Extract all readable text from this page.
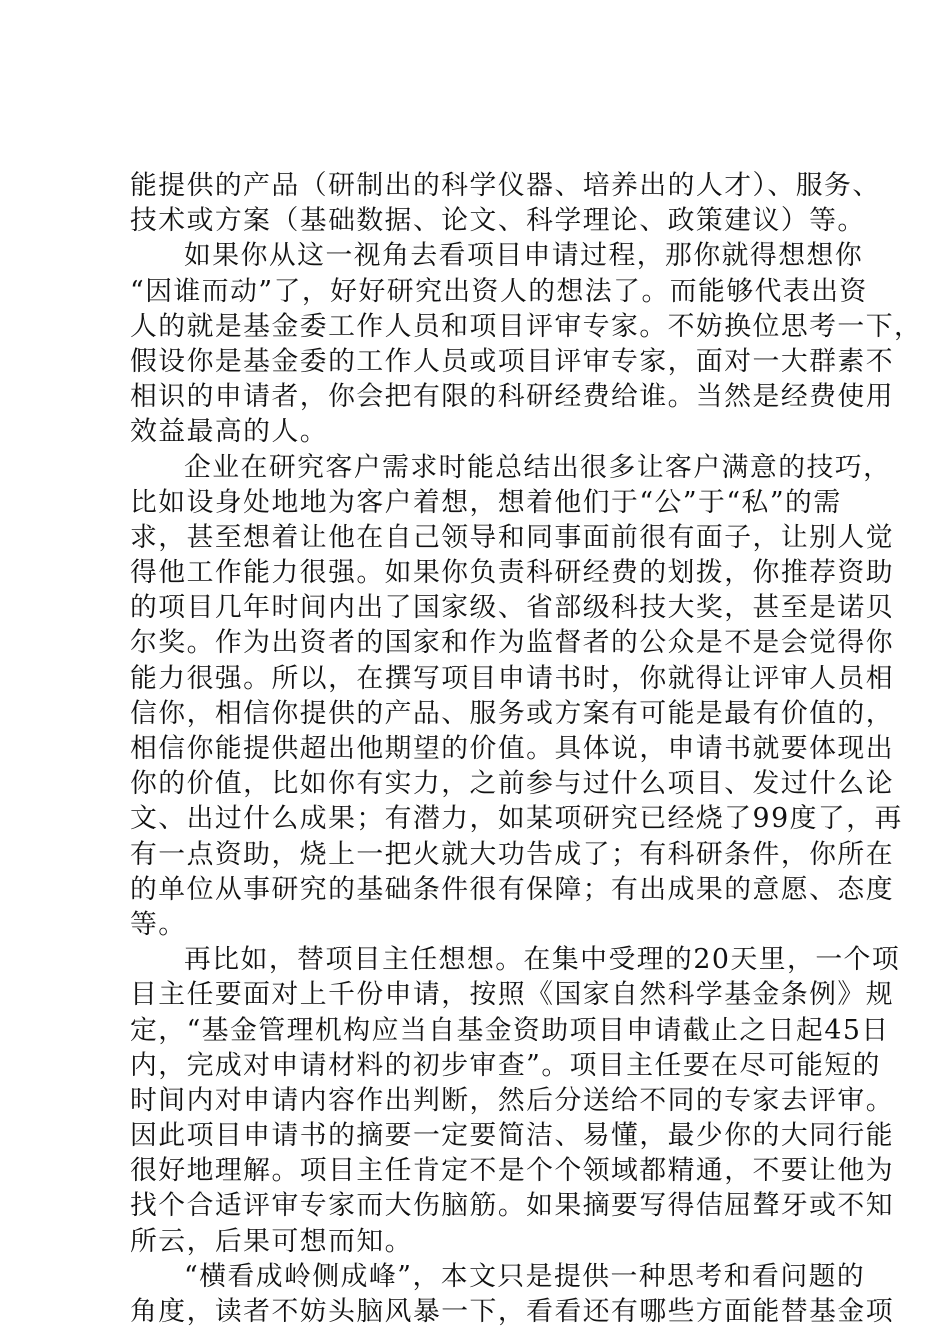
能提供的产品（研制出的科学仪器、培养出的人才）、服务、
技术或方案（基础数据、论文、科学理论、政策建议）等。
如果你从这一视角去看项目申请过程，那你就得想想你
“因谁而动”了，好好研究出资人的想法了。而能够代表出资
人的就是基金委工作人员和项目评审专家。不妨换位思考一下，
假设你是基金委的工作人员或项目评审专家，面对一大群素不
相识的申请者，你会把有限的科研经费给谁。当然是经费使用
效益最高的人。
企业在研究客户需求时能总结出很多让客户满意的技巧，
比如设身处地地为客户着想，想着他们于“公”于“私”的需
求，甚至想着让他在自己领导和同事面前很有面子，让别人觉
得他工作能力很强。如果你负责科研经费的划拨，你推荐资助
的项目几年时间内出了国家级、省部级科技大奖，甚至是诺贝
尔奖。作为出资者的国家和作为监督者的公众是不是会觉得你
能力很强。所以，在撰写项目申请书时，你就得让评审人员相
信你，相信你提供的产品、服务或方案有可能是最有价值的，
相信你能提供超出他期望的价值。具体说，申请书就要体现出
你的价值，比如你有实力，之前参与过什么项目、发过什么论
文、出过什么成果；有潜力，如某项研究已经烧了99度了，再
有一点资助，烧上一把火就大功告成了；有科研条件，你所在
的单位从事研究的基础条件很有保障；有出成果的意愿、态度
等。
再比如，替项目主任想想。在集中受理的20天里，一个项
目主任要面对上千份申请，按照《国家自然科学基金条例》规
定，“基金管理机构应当自基金资助项目申请截止之日起45日
内，完成对申请材料的初步审查”。项目主任要在尽可能短的
时间内对申请内容作出判断，然后分送给不同的专家去评审。
因此项目申请书的摘要一定要简洁、易懂，最少你的大同行能
很好地理解。项目主任肯定不是个个领域都精通，不要让他为
找个合适评审专家而大伤脑筋。如果摘要写得佶屈聱牙或不知
所云，后果可想而知。
“横看成岭侧成峰”，本文只是提供一种思考和看问题的
角度，读者不妨头脑风暴一下，看看还有哪些方面能替基金项
